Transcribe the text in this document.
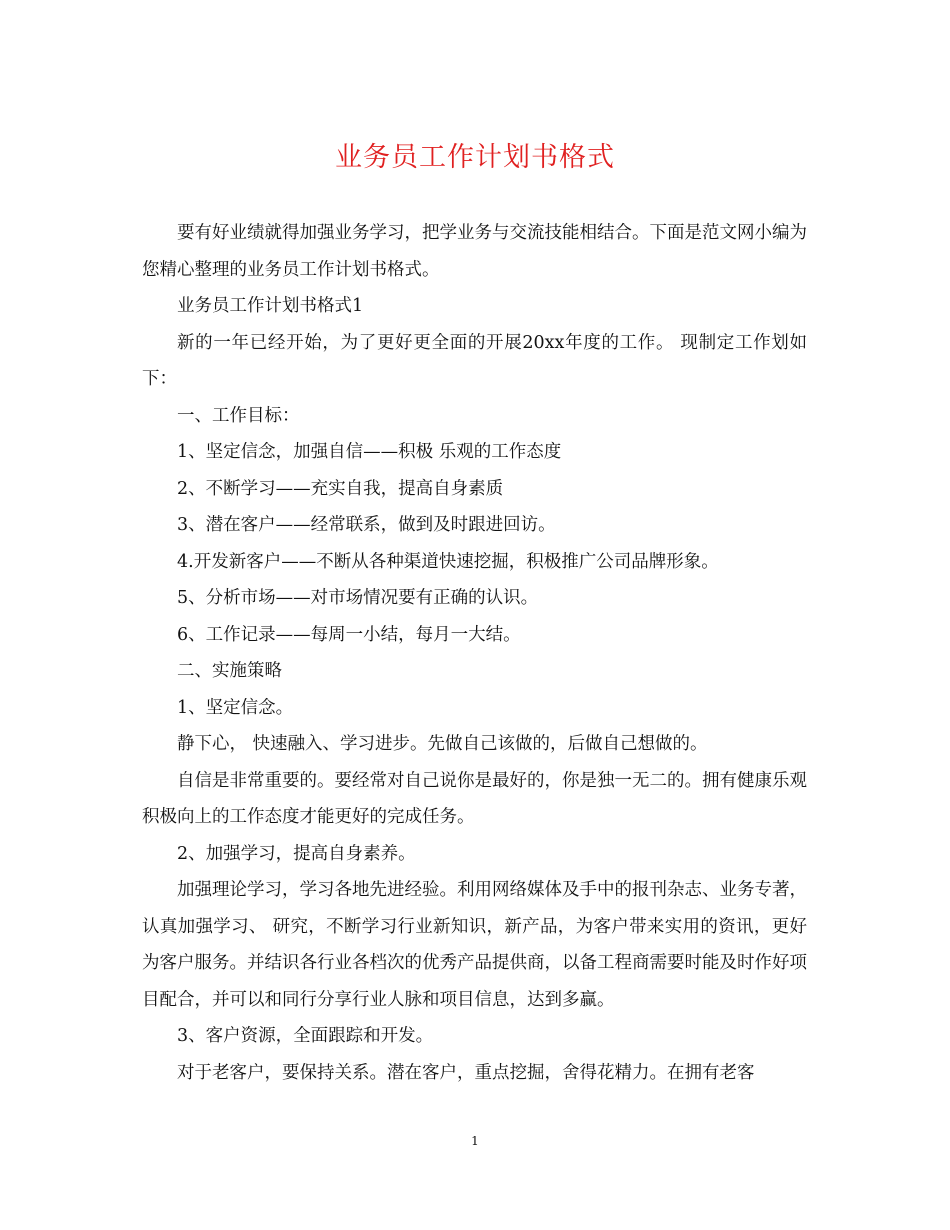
业务员工作计划书格式

要有好业绩就得加强业务学习，把学业务与交流技能相结合。下面是范文网小编为您精心整理的业务员工作计划书格式。

业务员工作计划书格式1

新的一年已经开始，为了更好更全面的开展20xx年度的工作。 现制定工作划如下：

一、工作目标：

1、坚定信念，加强自信——积极 乐观的工作态度

2、不断学习——充实自我，提高自身素质

3、潜在客户——经常联系，做到及时跟进回访。

4.开发新客户——不断从各种渠道快速挖掘，积极推广公司品牌形象。

5、分析市场——对市场情况要有正确的认识。

6、工作记录——每周一小结，每月一大结。

二、实施策略

1、坚定信念。

静下心， 快速融入、学习进步。先做自己该做的，后做自己想做的。

自信是非常重要的。要经常对自己说你是最好的，你是独一无二的。拥有健康乐观积极向上的工作态度才能更好的完成任务。

2、加强学习，提高自身素养。

加强理论学习，学习各地先进经验。利用网络媒体及手中的报刊杂志、业务专著，认真加强学习、 研究，不断学习行业新知识，新产品，为客户带来实用的资讯，更好为客户服务。并结识各行业各档次的优秀产品提供商，以备工程商需要时能及时作好项目配合，并可以和同行分享行业人脉和项目信息，达到多赢。

3、客户资源，全面跟踪和开发。

对于老客户，要保持关系。潜在客户，重点挖掘，舍得花精力。在拥有老客

1
